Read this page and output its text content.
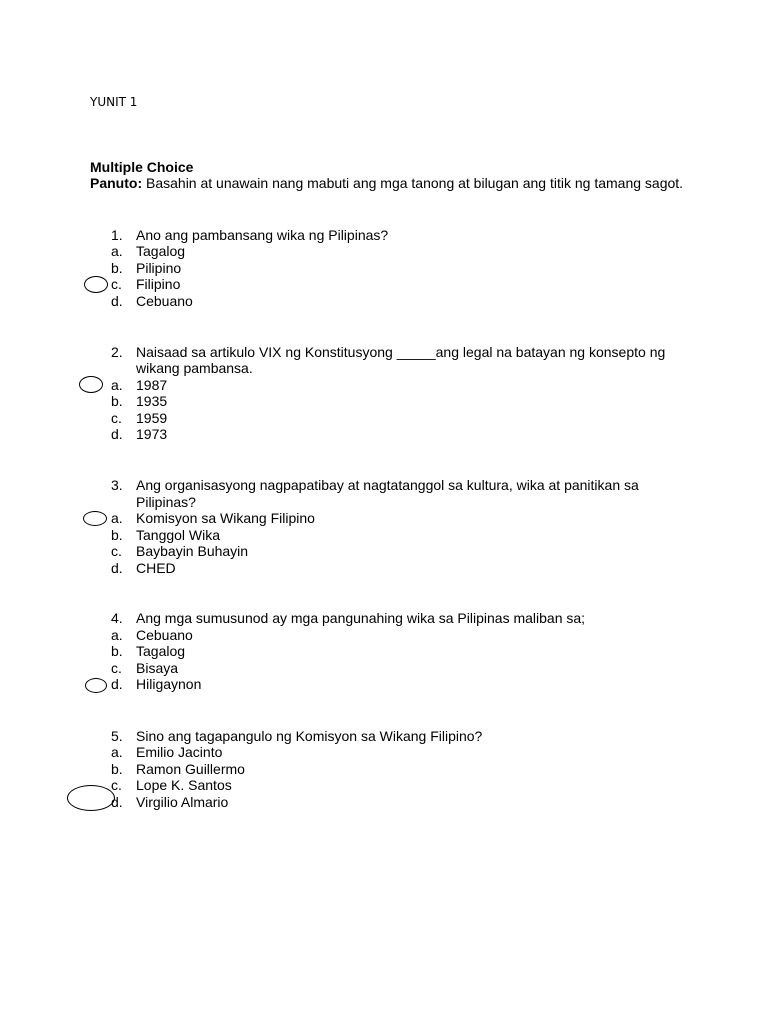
YUNIT 1
Multiple Choice
Panuto: Basahin at unawain nang mabuti ang mga tanong at bilugan ang titik ng tamang sagot.
1. Ano ang pambansang wika ng Pilipinas?
a. Tagalog
b. Pilipino
c. Filipino
d. Cebuano
2. Naisaad sa artikulo VIX ng Konstitusyong _____ang legal na batayan ng konsepto ng
wikang pambansa.
a. 1987
b. 1935
c. 1959
d. 1973
3. Ang organisasyong nagpapatibay at nagtatanggol sa kultura, wika at panitikan sa
Pilipinas?
a. Komisyon sa Wikang Filipino
b. Tanggol Wika
c. Baybayin Buhayin
d. CHED
4. Ang mga sumusunod ay mga pangunahing wika sa Pilipinas maliban sa;
a. Cebuano
b. Tagalog
c. Bisaya
d. Hiligaynon
5. Sino ang tagapangulo ng Komisyon sa Wikang Filipino?
a. Emilio Jacinto
b. Ramon Guillermo
c. Lope K. Santos
d. Virgilio Almario
